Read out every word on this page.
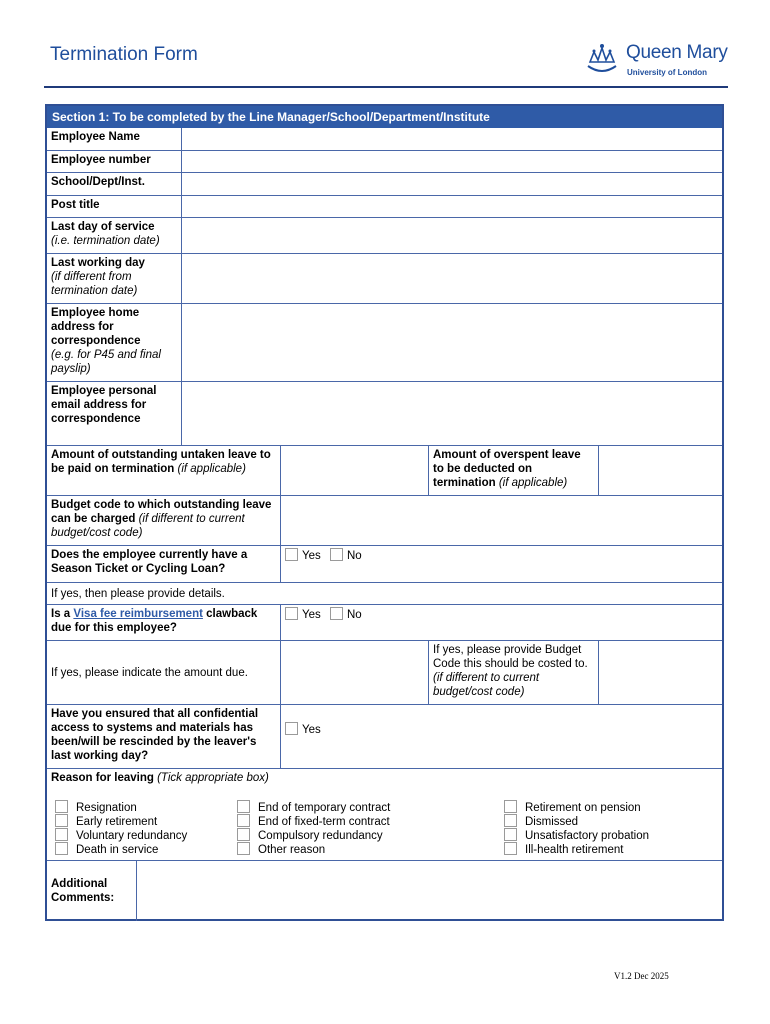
Termination Form	Queen Mary
University of London
Section 1: To be completed by the Line Manager/School/Department/Institute
Employee Name
Employee number
School/Dept/Inst.
Post title
Last day of service
(i.e. termination date)
Last working day
(if different from termination date)
Employee home address for correspondence
(e.g. for P45 and final payslip)
Employee personal email address for correspondence
Amount of outstanding untaken leave to be paid on termination (if applicable)
Amount of overspent leave to be deducted on termination (if applicable)
Budget code to which outstanding leave can be charged (if different to current budget/cost code)
Does the employee currently have a Season Ticket or Cycling Loan?
Yes No
If yes, then please provide details.
Is a Visa fee reimbursement clawback due for this employee?
Yes No
If yes, please indicate the amount due.
If yes, please provide Budget Code this should be costed to. (if different to current budget/cost code)
Have you ensured that all confidential access to systems and materials has been/will be rescinded by the leaver's last working day?
Yes
Reason for leaving (Tick appropriate box)
Resignation
Early retirement
Voluntary redundancy
Death in service
End of temporary contract
End of fixed-term contract
Compulsory redundancy
Other reason
Retirement on pension
Dismissed
Unsatisfactory probation
Ill-health retirement
Additional Comments:
V1.2 Dec 2025
